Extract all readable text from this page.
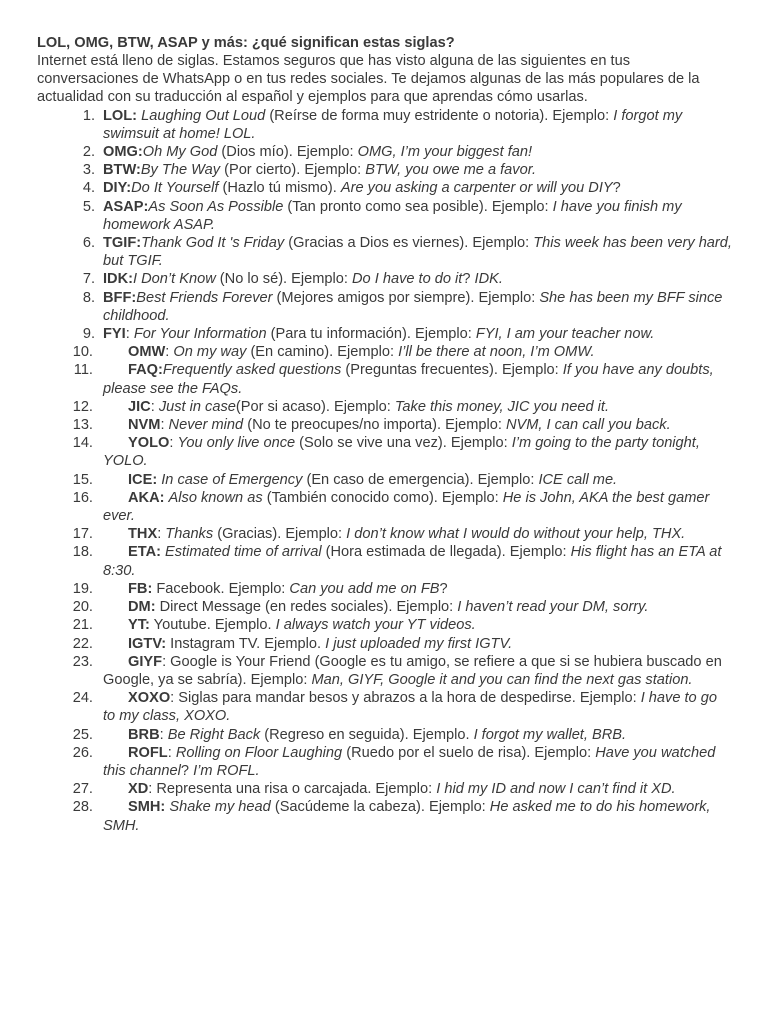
LOL, OMG, BTW, ASAP y más: ¿qué significan estas siglas?

Internet está lleno de siglas. Estamos seguros que has visto alguna de las siguientes en tus conversaciones de WhatsApp o en tus redes sociales. Te dejamos algunas de las más populares de la actualidad con su traducción al español y ejemplos para que aprendas cómo usarlas.

1. LOL: Laughing Out Loud (Reírse de forma muy estridente o notoria). Ejemplo: I forgot my swimsuit at home! LOL.
2. OMG:Oh My God (Dios mío). Ejemplo: OMG, I’m your biggest fan!
3. BTW:By The Way (Por cierto). Ejemplo: BTW, you owe me a favor.
4. DIY:Do It Yourself (Hazlo tú mismo). Are you asking a carpenter or will you DIY?
5. ASAP:As Soon As Possible (Tan pronto como sea posible). Ejemplo: I have you finish my homework ASAP.
6. TGIF:Thank God It 's Friday (Gracias a Dios es viernes). Ejemplo: This week has been very hard, but TGIF.
7. IDK:I Don’t Know (No lo sé). Ejemplo: Do I have to do it? IDK.
8. BFF:Best Friends Forever (Mejores amigos por siempre). Ejemplo: She has been my BFF since childhood.
9. FYI: For Your Information (Para tu información). Ejemplo: FYI, I am your teacher now.
10. OMW: On my way (En camino). Ejemplo: I’ll be there at noon, I’m OMW.
11. FAQ:Frequently asked questions (Preguntas frecuentes). Ejemplo: If you have any doubts, please see the FAQs.
12. JIC: Just in case(Por si acaso). Ejemplo: Take this money, JIC you need it.
13. NVM: Never mind (No te preocupes/no importa). Ejemplo: NVM, I can call you back.
14. YOLO: You only live once (Solo se vive una vez). Ejemplo: I’m going to the party tonight, YOLO.
15. ICE: In case of Emergency (En caso de emergencia). Ejemplo: ICE call me.
16. AKA: Also known as (También conocido como). Ejemplo: He is John, AKA the best gamer ever.
17. THX: Thanks (Gracias). Ejemplo: I don’t know what I would do without your help, THX.
18. ETA: Estimated time of arrival (Hora estimada de llegada). Ejemplo: His flight has an ETA at 8:30.
19. FB: Facebook. Ejemplo: Can you add me on FB?
20. DM: Direct Message (en redes sociales). Ejemplo: I haven’t read your DM, sorry.
21. YT: Youtube. Ejemplo. I always watch your YT videos.
22. IGTV: Instagram TV. Ejemplo. I just uploaded my first IGTV.
23. GIYF: Google is Your Friend (Google es tu amigo, se refiere a que si se hubiera buscado en Google, ya se sabría). Ejemplo: Man, GIYF, Google it and you can find the next gas station.
24. XOXO: Siglas para mandar besos y abrazos a la hora de despedirse. Ejemplo: I have to go to my class, XOXO.
25. BRB: Be Right Back (Regreso en seguida). Ejemplo. I forgot my wallet, BRB.
26. ROFL: Rolling on Floor Laughing (Ruedo por el suelo de risa). Ejemplo: Have you watched this channel? I’m ROFL.
27. XD: Representa una risa o carcajada. Ejemplo: I hid my ID and now I can’t find it XD.
28. SMH: Shake my head (Sacúdeme la cabeza). Ejemplo: He asked me to do his homework, SMH.
